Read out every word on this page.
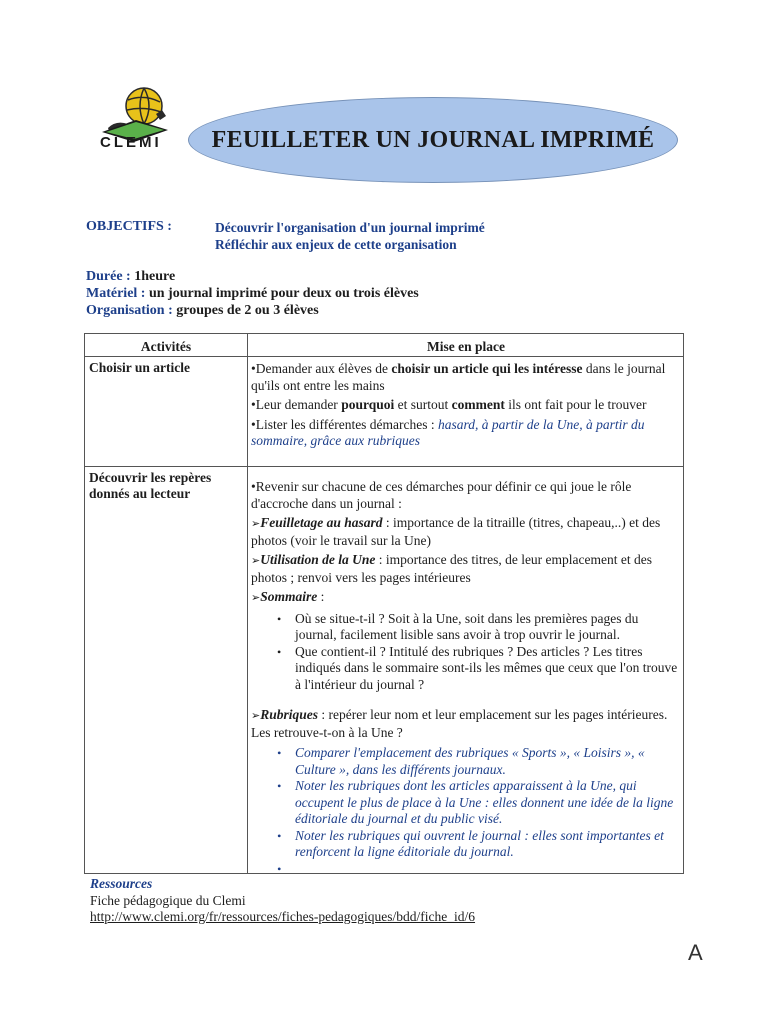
CLEMI	FEUILLETER UN JOURNAL IMPRIMÉ
OBJECTIFS :	Découvrir l'organisation d'un journal imprimé
Réfléchir aux enjeux de cette organisation
Durée : 1heure
Matériel : un journal imprimé pour deux ou trois élèves
Organisation : groupes de 2 ou 3 élèves
Activités	Mise en place
Choisir un article	•Demander aux élèves de choisir un article qui les intéresse dans le journal qu'ils ont entre les mains

•Leur demander pourquoi et surtout comment ils ont fait pour le trouver

•Lister les différentes démarches : hasard, à partir de la Une, à partir du sommaire, grâce aux rubriques

Découvrir les repères donnés au lecteur	•Revenir sur chacune de ces démarches pour définir ce qui joue le rôle d'accroche dans un journal :

➢Feuilletage au hasard : importance de la titraille (titres, chapeau,..) et des photos (voir le travail sur la Une)

➢Utilisation de la Une : importance des titres, de leur emplacement et des photos ; renvoi vers les pages intérieures

➢Sommaire :

• Où se situe-t-il ? Soit à la Une, soit dans les premières pages du journal, facilement lisible sans avoir à trop ouvrir le journal.
• Que contient-il ? Intitulé des rubriques ? Des articles ? Les titres indiqués dans le sommaire sont-ils les mêmes que ceux que l'on trouve à l'intérieur du journal ?

➢Rubriques : repérer leur nom et leur emplacement sur les pages intérieures. Les retrouve-t-on à la Une ?

• Comparer l'emplacement des rubriques « Sports », « Loisirs », « Culture », dans les différents journaux.
• Noter les rubriques dont les articles apparaissent à la Une, qui occupent le plus de place à la Une : elles donnent une idée de la ligne éditoriale du journal et du public visé.
• Noter les rubriques qui ouvrent le journal : elles sont importantes et renforcent la ligne éditoriale du journal.
•
Ressources
Fiche pédagogique du Clemi
http://www.clemi.org/fr/ressources/fiches-pedagogiques/bdd/fiche_id/6
A
